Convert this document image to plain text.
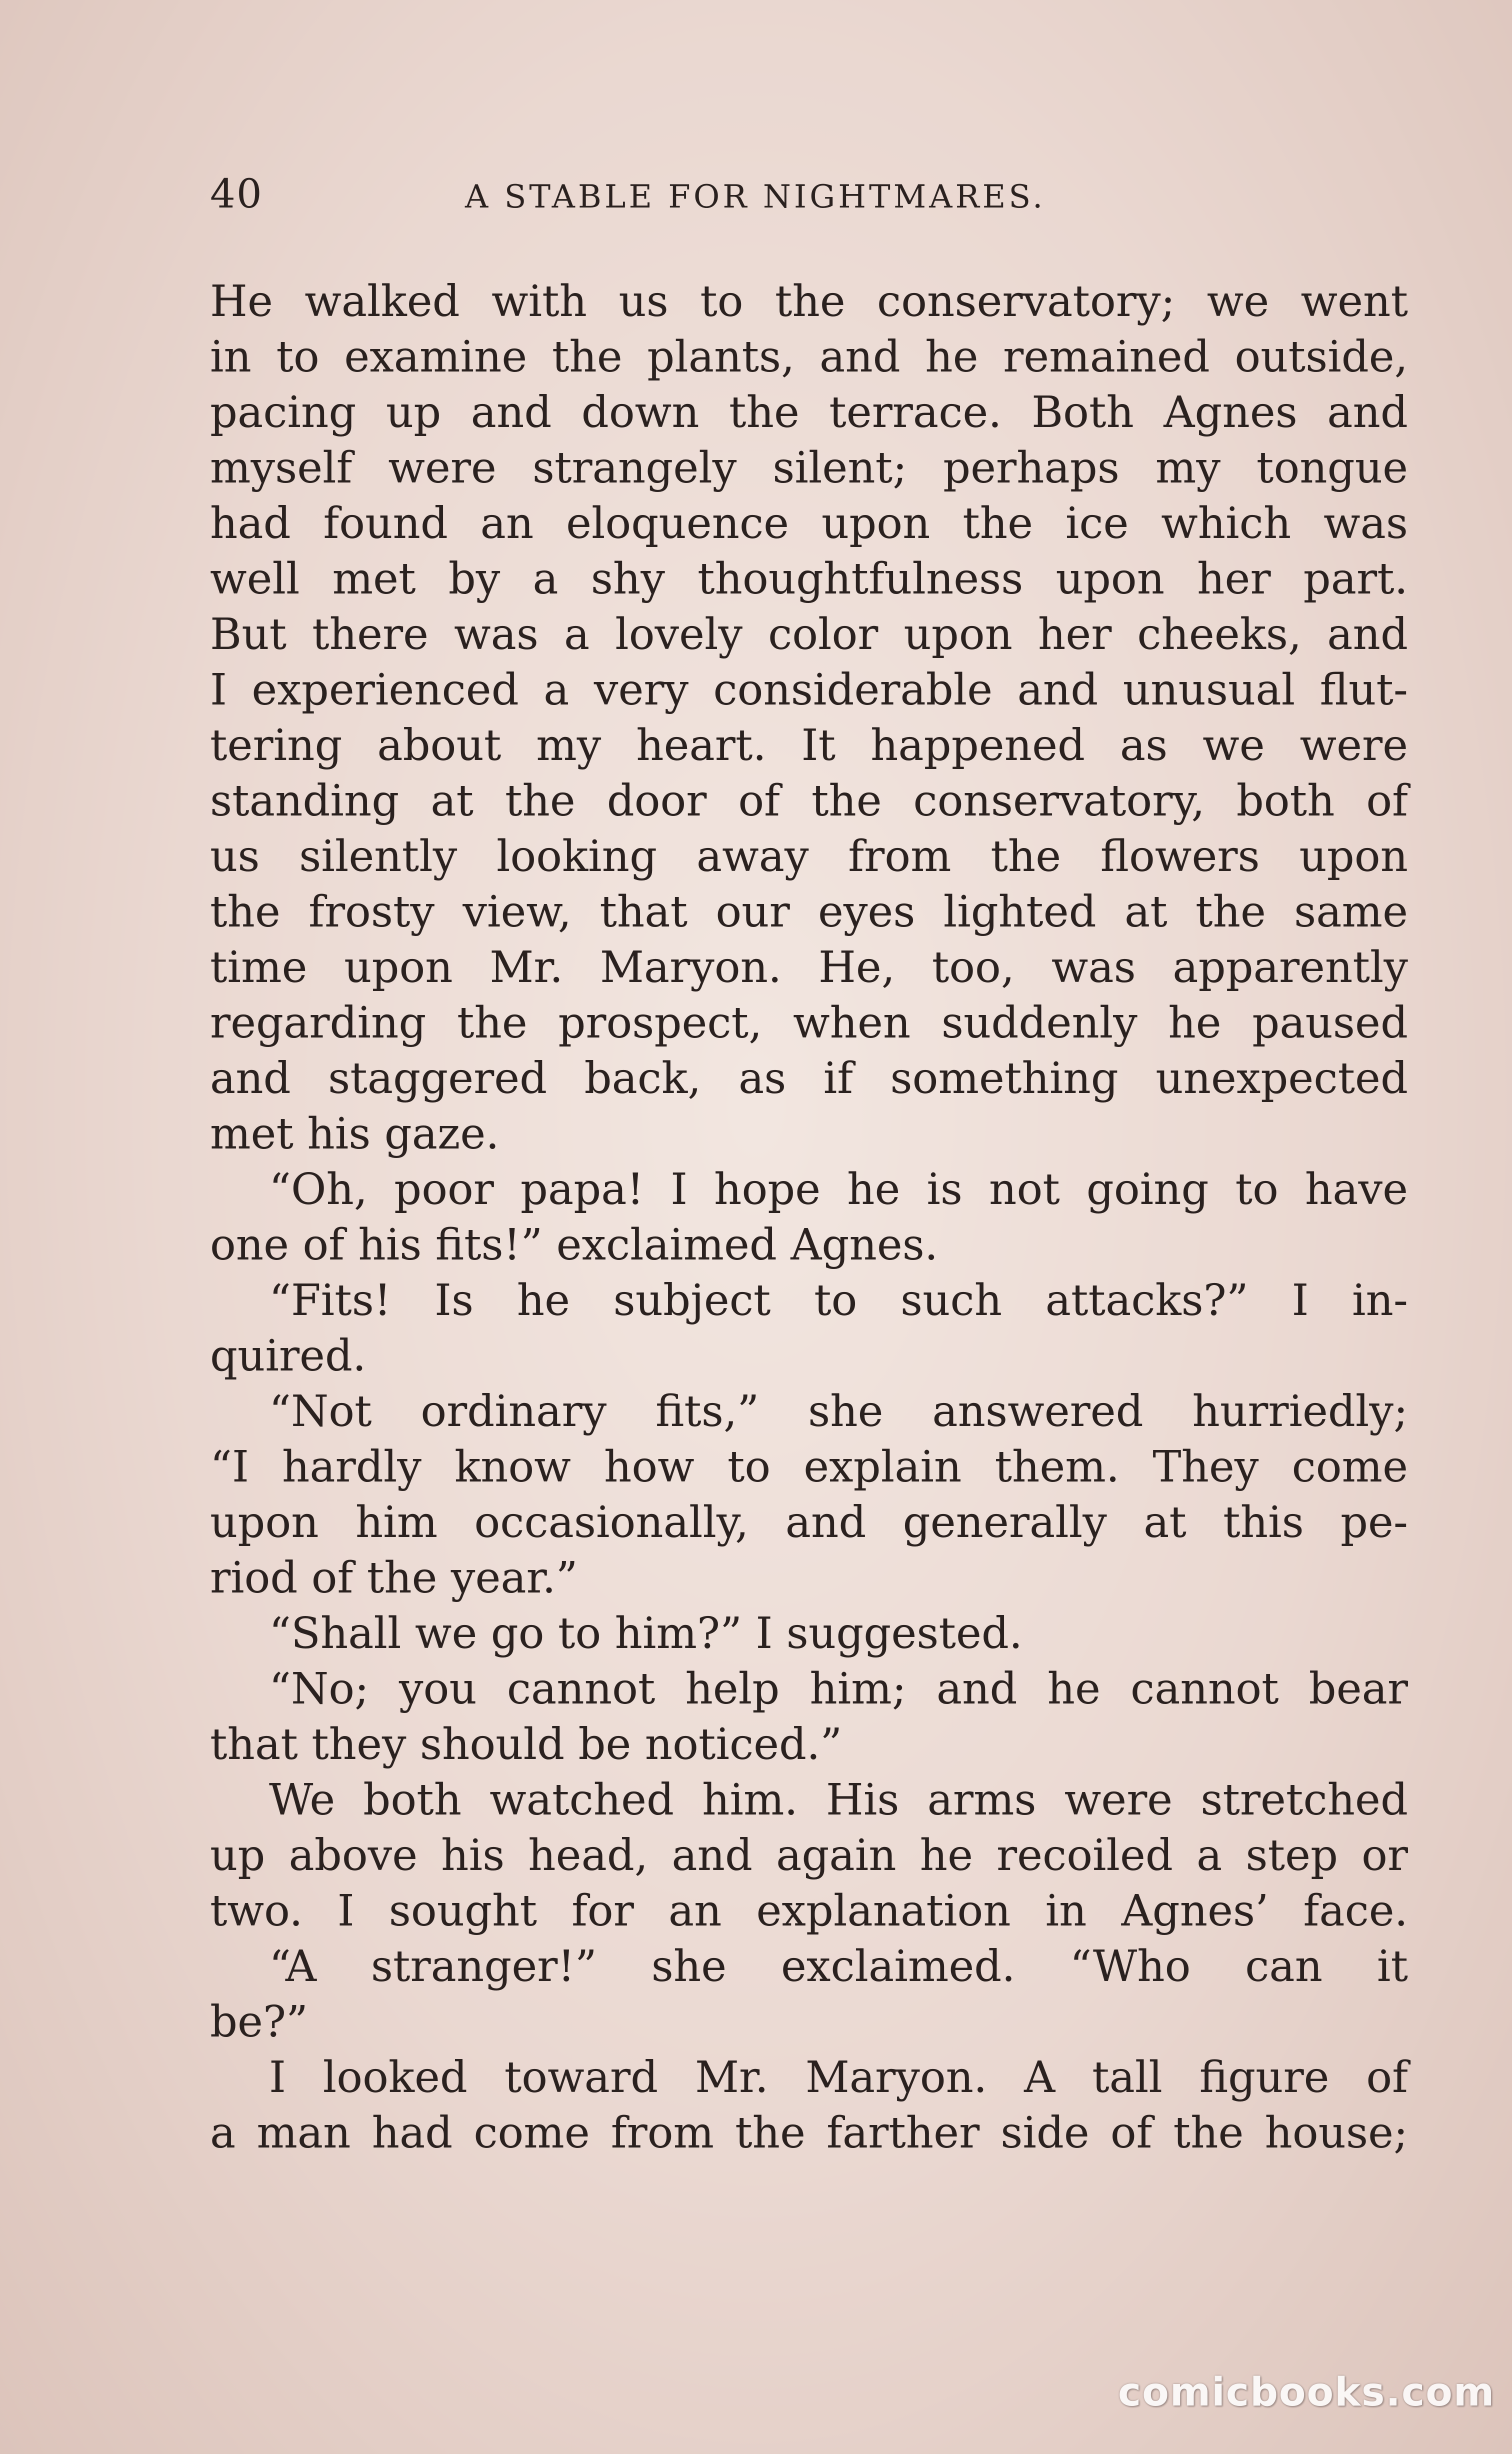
40	A STABLE FOR NIGHTMARES.
He walked with us to the conservatory; we went
in to examine the plants, and he remained outside,
pacing up and down the terrace. Both Agnes and
myself were strangely silent; perhaps my tongue
had found an eloquence upon the ice which was
well met by a shy thoughtfulness upon her part.
But there was a lovely color upon her cheeks, and
I experienced a very considerable and unusual flut-
tering about my heart. It happened as we were
standing at the door of the conservatory, both of
us silently looking away from the flowers upon
the frosty view, that our eyes lighted at the same
time upon Mr. Maryon. He, too, was apparently
regarding the prospect, when suddenly he paused
and staggered back, as if something unexpected
met his gaze.
“Oh, poor papa! I hope he is not going to have
one of his fits!” exclaimed Agnes.
“Fits! Is he subject to such attacks?” I in-
quired.
“Not ordinary fits,” she answered hurriedly;
“I hardly know how to explain them. They come
upon him occasionally, and generally at this pe-
riod of the year.”
“Shall we go to him?” I suggested.
“No; you cannot help him; and he cannot bear
that they should be noticed.”
We both watched him. His arms were stretched
up above his head, and again he recoiled a step or
two. I sought for an explanation in Agnes’ face.
“A stranger!” she exclaimed. “Who can it
be?”
I looked toward Mr. Maryon. A tall figure of
a man had come from the farther side of the house;
comicbooks.com
